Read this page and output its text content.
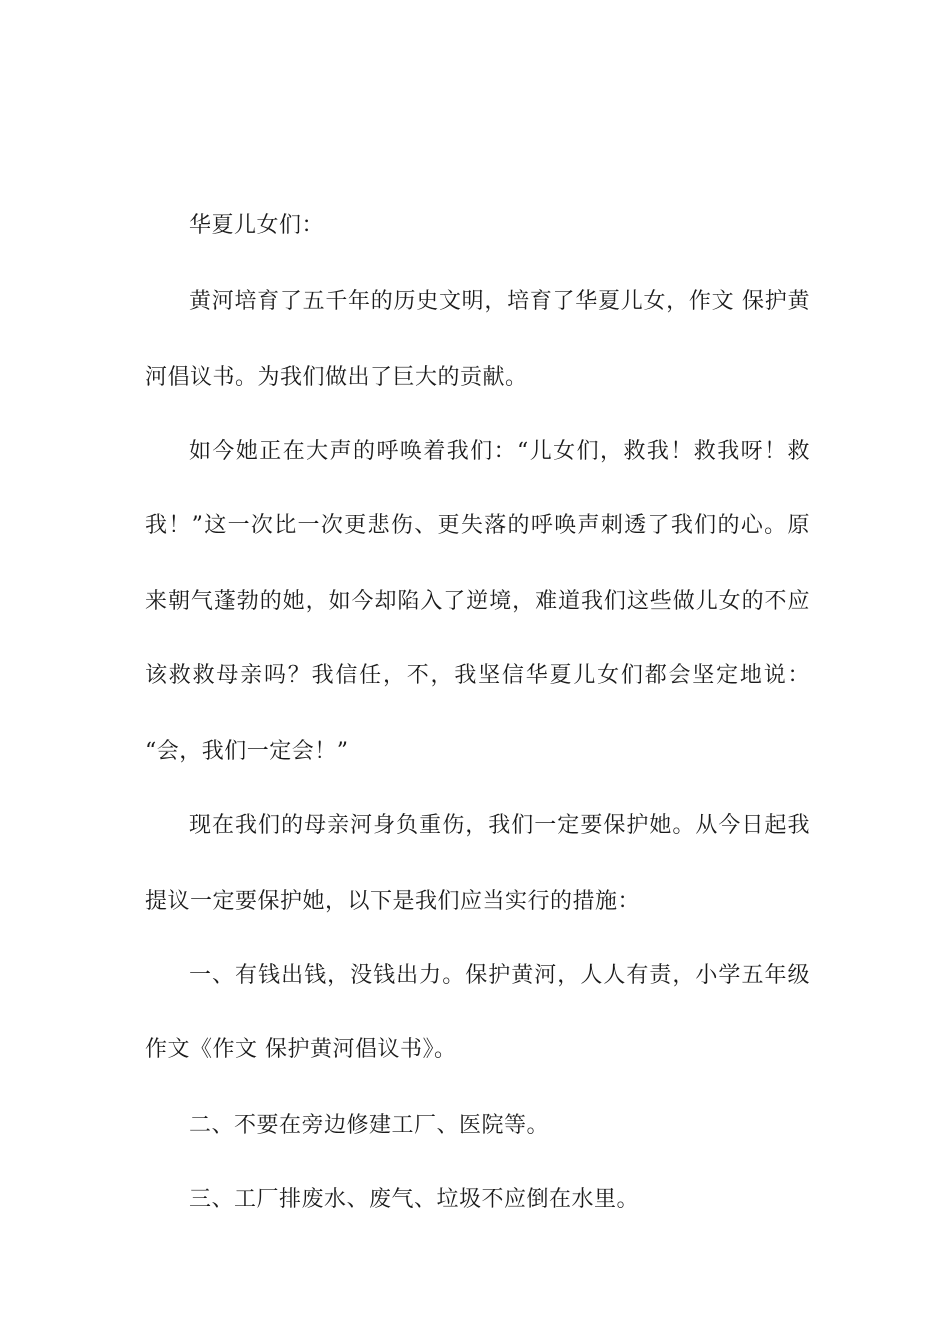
华夏儿女们：
黄河培育了五千年的历史文明，培育了华夏儿女，作文 保护黄
河倡议书。为我们做出了巨大的贡献。
如今她正在大声的呼唤着我们：“儿女们，救我！救我呀！救
我！”这一次比一次更悲伤、更失落的呼唤声刺透了我们的心。原
来朝气蓬勃的她，如今却陷入了逆境，难道我们这些做儿女的不应
该救救母亲吗？我信任，不，我坚信华夏儿女们都会坚定地说：
“会，我们一定会！”
现在我们的母亲河身负重伤，我们一定要保护她。从今日起我
提议一定要保护她，以下是我们应当实行的措施：
一、有钱出钱，没钱出力。保护黄河，人人有责，小学五年级
作文《作文 保护黄河倡议书》。
二、不要在旁边修建工厂、医院等。
三、工厂排废水、废气、垃圾不应倒在水里。
